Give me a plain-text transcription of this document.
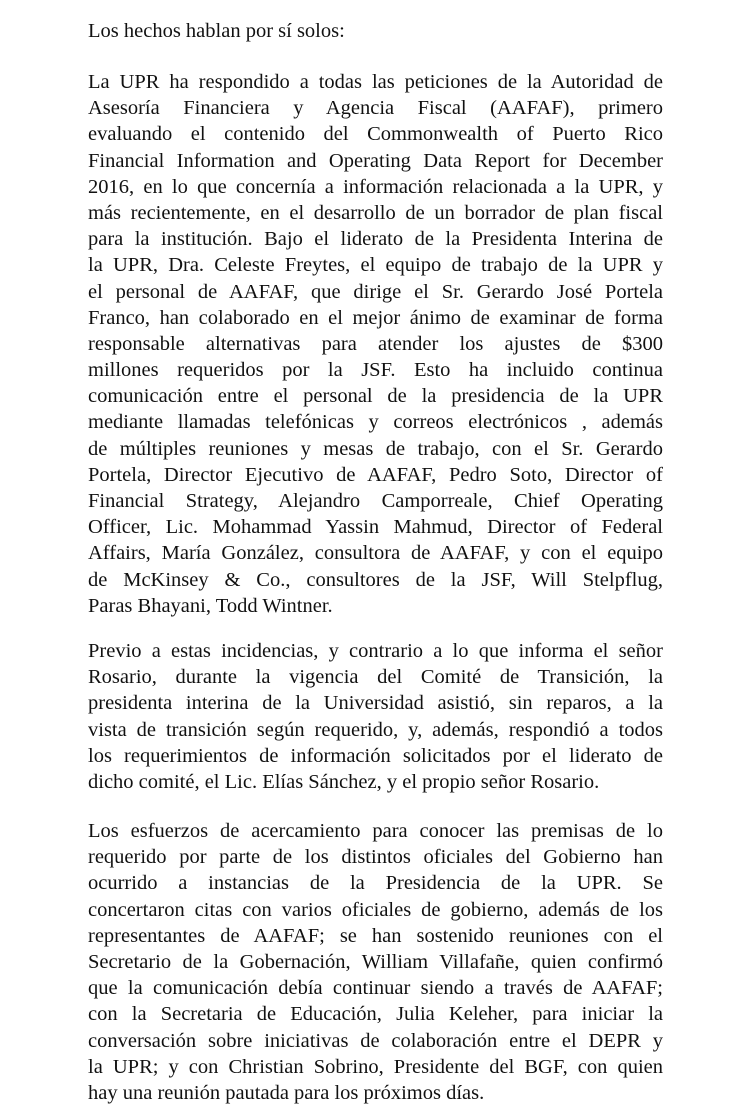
Los hechos hablan por sí solos:

La UPR ha respondido a todas las peticiones de la Autoridad de
Asesoría Financiera y Agencia Fiscal (AAFAF), primero
evaluando el contenido del Commonwealth of Puerto Rico
Financial Information and Operating Data Report for December
2016, en lo que concernía a información relacionada a la UPR, y
más recientemente, en el desarrollo de un borrador de plan fiscal
para la institución. Bajo el liderato de la Presidenta Interina de
la UPR, Dra. Celeste Freytes, el equipo de trabajo de la UPR y
el personal de AAFAF, que dirige el Sr. Gerardo José Portela
Franco, han colaborado en el mejor ánimo de examinar de forma
responsable alternativas para atender los ajustes de $300
millones requeridos por la JSF. Esto ha incluido continua
comunicación entre el personal de la presidencia de la UPR
mediante llamadas telefónicas y correos electrónicos , además
de múltiples reuniones y mesas de trabajo, con el Sr. Gerardo
Portela, Director Ejecutivo de AAFAF, Pedro Soto, Director of
Financial Strategy, Alejandro Camporreale, Chief Operating
Officer, Lic. Mohammad Yassin Mahmud, Director of Federal
Affairs, María González, consultora de AAFAF, y con el equipo
de McKinsey & Co., consultores de la JSF, Will Stelpflug,
Paras Bhayani, Todd Wintner.

Previo a estas incidencias, y contrario a lo que informa el señor
Rosario, durante la vigencia del Comité de Transición, la
presidenta interina de la Universidad asistió, sin reparos, a la
vista de transición según requerido, y, además, respondió a todos
los requerimientos de información solicitados por el liderato de
dicho comité, el Lic. Elías Sánchez, y el propio señor Rosario.

Los esfuerzos de acercamiento para conocer las premisas de lo
requerido por parte de los distintos oficiales del Gobierno han
ocurrido a instancias de la Presidencia de la UPR. Se
concertaron citas con varios oficiales de gobierno, además de los
representantes de AAFAF; se han sostenido reuniones con el
Secretario de la Gobernación, William Villafañe, quien confirmó
que la comunicación debía continuar siendo a través de AAFAF;
con la Secretaria de Educación, Julia Keleher, para iniciar la
conversación sobre iniciativas de colaboración entre el DEPR y
la UPR; y con Christian Sobrino, Presidente del BGF, con quien
hay una reunión pautada para los próximos días.
